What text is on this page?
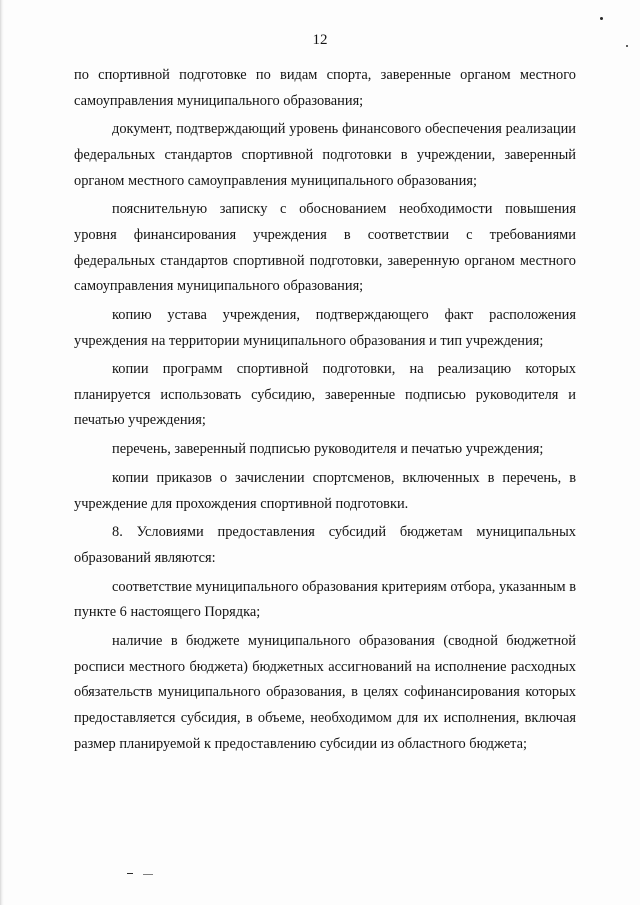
12

по спортивной подготовке по видам спорта, заверенные органом местного самоуправления муниципального образования;

документ, подтверждающий уровень финансового обеспечения реализации федеральных стандартов спортивной подготовки в учреждении, заверенный органом местного самоуправления муниципального образования;

пояснительную записку с обоснованием необходимости повышения уровня финансирования учреждения в соответствии с требованиями федеральных стандартов спортивной подготовки, заверенную органом местного самоуправления муниципального образования;

копию устава учреждения, подтверждающего факт расположения учреждения на территории муниципального образования и тип учреждения;

копии программ спортивной подготовки, на реализацию которых планируется использовать субсидию, заверенные подписью руководителя и печатью учреждения;

перечень, заверенный подписью руководителя и печатью учреждения;

копии приказов о зачислении спортсменов, включенных в перечень, в учреждение для прохождения спортивной подготовки.

8. Условиями предоставления субсидий бюджетам муниципальных образований являются:

соответствие муниципального образования критериям отбора, указанным в пункте 6 настоящего Порядка;

наличие в бюджете муниципального образования (сводной бюджетной росписи местного бюджета) бюджетных ассигнований на исполнение расходных обязательств муниципального образования, в целях софинансирования которых предоставляется субсидия, в объеме, необходимом для их исполнения, включая размер планируемой к предоставлению субсидии из областного бюджета;
